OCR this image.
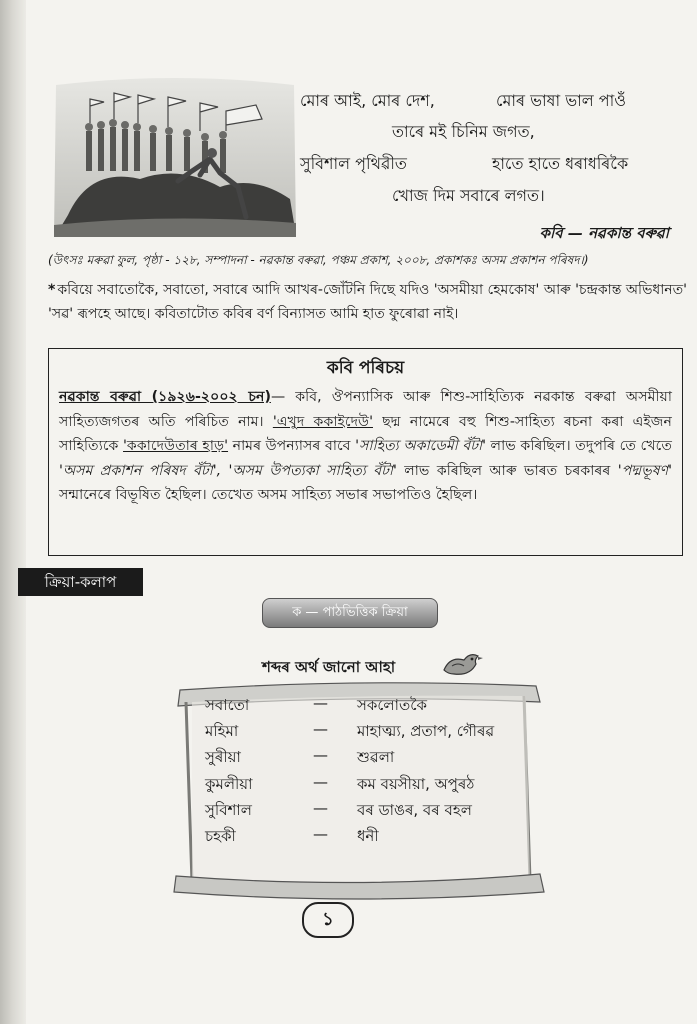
মোৰ আই, মোৰ দেশ,	মোৰ ভাষা ভাল পাওঁ
তাৰে মই চিনিম জগত,
সুবিশাল পৃথিৱীত	হাতে হাতে ধৰাধৰিকৈ
খোজ দিম সবাৰে লগত।
কবি — নৱকান্ত বৰুৱা
(উৎসঃ মৰুৱা ফুল, পৃষ্ঠা - ১২৮, সম্পাদনা - নৱকান্ত বৰুৱা, পঞ্চম প্ৰকাশ, ২০০৮, প্ৰকাশকঃ অসম প্ৰকাশন পৰিষদ।)
* কবিয়ে সবাতোকৈ, সবাতো, সবাৰে আদি আখৰ-জোঁটনি দিছে যদিও 'অসমীয়া হেমকোষ' আৰু 'চন্দ্ৰকান্ত অভিধানত' 'সৱ' ৰূপহে আছে। কবিতাটোত কবিৰ বৰ্ণ বিন্যাসত আমি হাত ফুৰোৱা নাই।
কবি পৰিচয়
নৱকান্ত বৰুৱা (১৯২৬-২০০২ চন)— কবি, ঔপন্যাসিক আৰু শিশু-সাহিত্যিক নৱকান্ত বৰুৱা অসমীয়া সাহিত্যজগতৰ অতি পৰিচিত নাম। 'এখুদ ককাইদেউ' ছদ্ম নামেৰে বহু শিশু-সাহিত্য ৰচনা কৰা এইজন সাহিত্যিকে 'ককাদেউতাৰ হাড়' নামৰ উপন্যাসৰ বাবে 'সাহিত্য অকাডেমী বঁটা' লাভ কৰিছিল। তদুপৰি তে খেতে 'অসম প্ৰকাশন পৰিষদ বঁটা', 'অসম উপত্যকা সাহিত্য বঁটা' লাভ কৰিছিল আৰু ভাৰত চৰকাৰৰ 'পদ্মভূষণ' সন্মানেৰে বিভূষিত হৈছিল। তেখেত অসম সাহিত্য সভাৰ সভাপতিও হৈছিল।
ক্ৰিয়া-কলাপ
ক — পাঠভিত্তিক ক্ৰিয়া
শব্দৰ অৰ্থ জানো আহা
সবাতো	— সকলোতকৈ
মহিমা	— মাহাত্ম্য, প্ৰতাপ, গৌৰৱ
সুৰীয়া	— শুৱলা
কুমলীয়া	— কম বয়সীয়া, অপুৰঠ
সুবিশাল	— বৰ ডাঙৰ, বৰ বহল
চহকী	— ধনী
১
